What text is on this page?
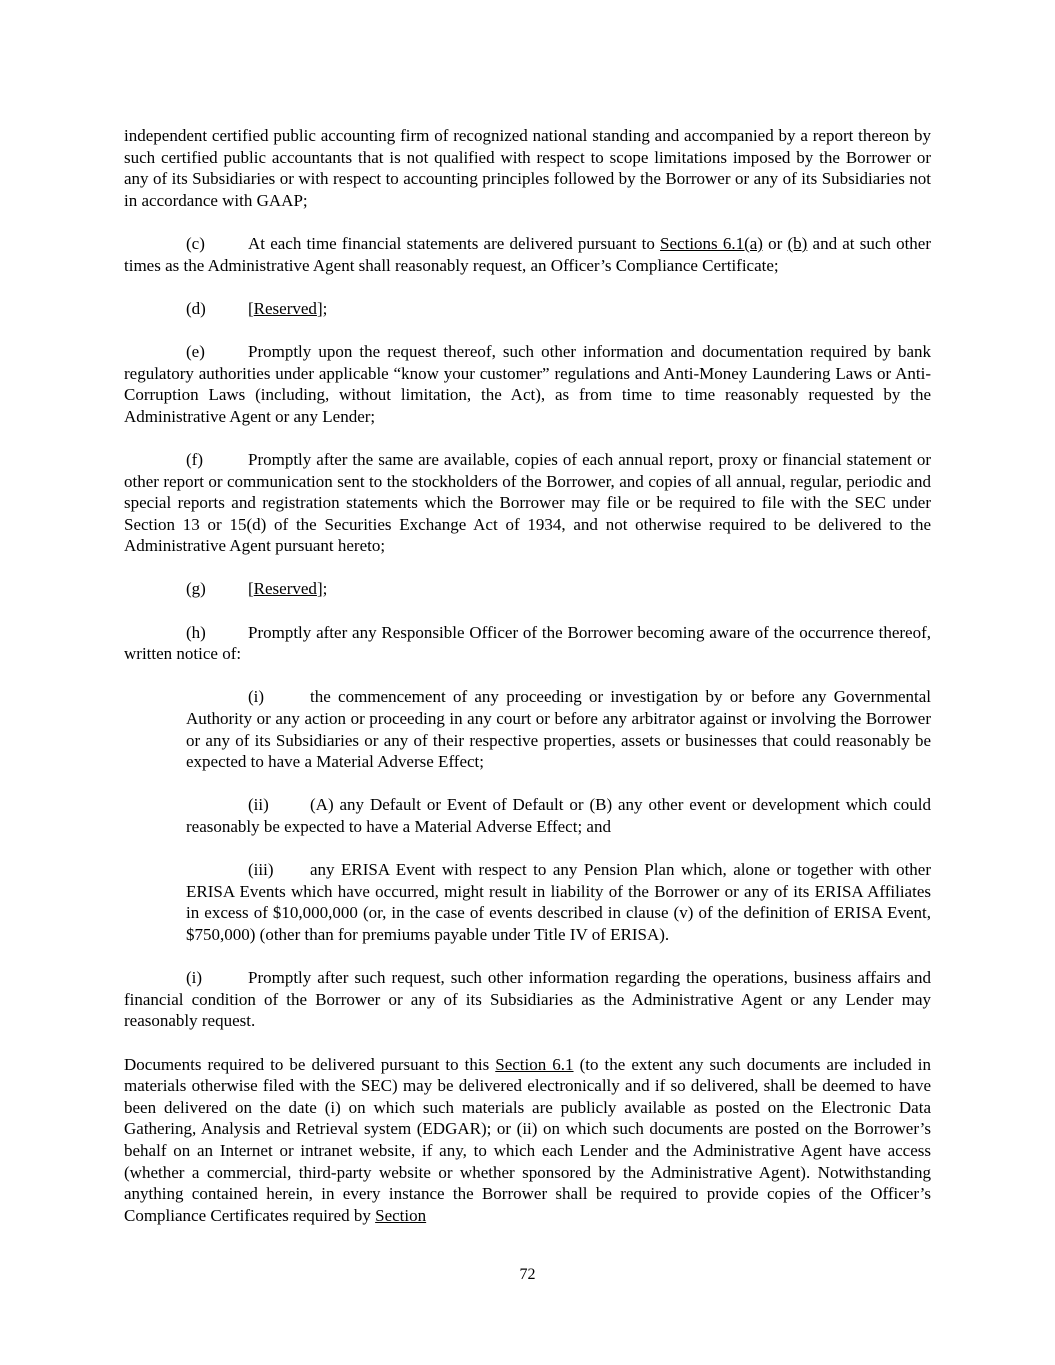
independent certified public accounting firm of recognized national standing and accompanied by a report thereon by such certified public accountants that is not qualified with respect to scope limitations imposed by the Borrower or any of its Subsidiaries or with respect to accounting principles followed by the Borrower or any of its Subsidiaries not in accordance with GAAP;

(c)	At each time financial statements are delivered pursuant to Sections 6.1(a) or (b) and at such other times as the Administrative Agent shall reasonably request, an Officer’s Compliance Certificate;

(d) [Reserved];

(e)	Promptly upon the request thereof, such other information and documentation required by bank regulatory authorities under applicable “know your customer” regulations and Anti-Money Laundering Laws or Anti-Corruption Laws (including, without limitation, the Act), as from time to time reasonably requested by the Administrative Agent or any Lender;

(f)	Promptly after the same are available, copies of each annual report, proxy or financial statement or other report or communication sent to the stockholders of the Borrower, and copies of all annual, regular, periodic and special reports and registration statements which the Borrower may file or be required to file with the SEC under Section 13 or 15(d) of the Securities Exchange Act of 1934, and not otherwise required to be delivered to the Administrative Agent pursuant hereto;

(g) [Reserved];

(h) Promptly after any Responsible Officer of the Borrower becoming aware of the occurrence thereof, written notice of:

(i)	the commencement of any proceeding or investigation by or before any Governmental Authority or any action or proceeding in any court or before any arbitrator against or involving the Borrower or any of its Subsidiaries or any of their respective properties, assets or businesses that could reasonably be expected to have a Material Adverse Effect;

(ii) (A) any Default or Event of Default or (B) any other event or development which could reasonably be expected to have a Material Adverse Effect; and

(iii) any ERISA Event with respect to any Pension Plan which, alone or together with other ERISA Events which have occurred, might result in liability of the Borrower or any of its ERISA Affiliates in excess of $10,000,000 (or, in the case of events described in clause (v) of the definition of ERISA Event, $750,000) (other than for premiums payable under Title IV of ERISA).

(i)	Promptly after such request, such other information regarding the operations, business affairs and financial condition of the Borrower or any of its Subsidiaries as the Administrative Agent or any Lender may reasonably request.

Documents required to be delivered pursuant to this Section 6.1 (to the extent any such documents are included in materials otherwise filed with the SEC) may be delivered electronically and if so delivered, shall be deemed to have been delivered on the date (i) on which such materials are publicly available as posted on the Electronic Data Gathering, Analysis and Retrieval system (EDGAR); or (ii) on which such documents are posted on the Borrower’s behalf on an Internet or intranet website, if any, to which each Lender and the Administrative Agent have access (whether a commercial, third-party website or whether sponsored by the Administrative Agent). Notwithstanding anything contained herein, in every instance the Borrower shall be required to provide copies of the Officer’s Compliance Certificates required by Section

72
